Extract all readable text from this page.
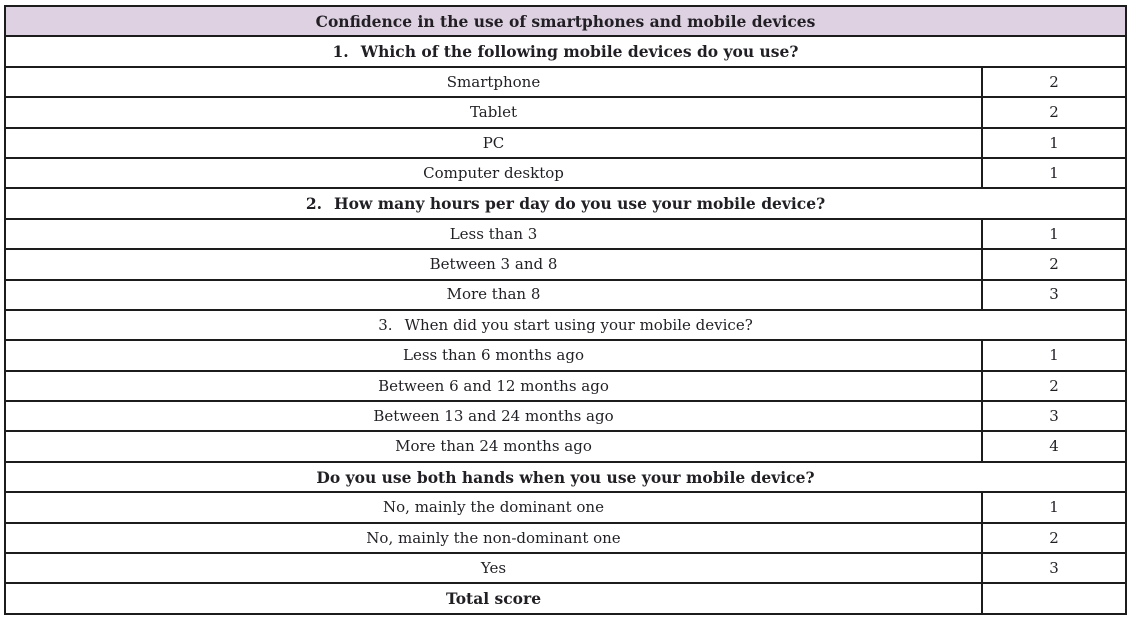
Confidence in the use of smartphones and mobile devices	
1. Which of the following mobile devices do you use?	
Smartphone	2
Tablet	2
PC	1
Computer desktop	1
2. How many hours per day do you use your mobile device?	
Less than 3	1
Between 3 and 8	2
More than 8	3
3. When did you start using your mobile device?	
Less than 6 months ago	1
Between 6 and 12 months ago	2
Between 13 and 24 months ago	3
More than 24 months ago	4
Do you use both hands when you use your mobile device?	
No, mainly the dominant one	1
No, mainly the non-dominant one	2
Yes	3
Total score	
